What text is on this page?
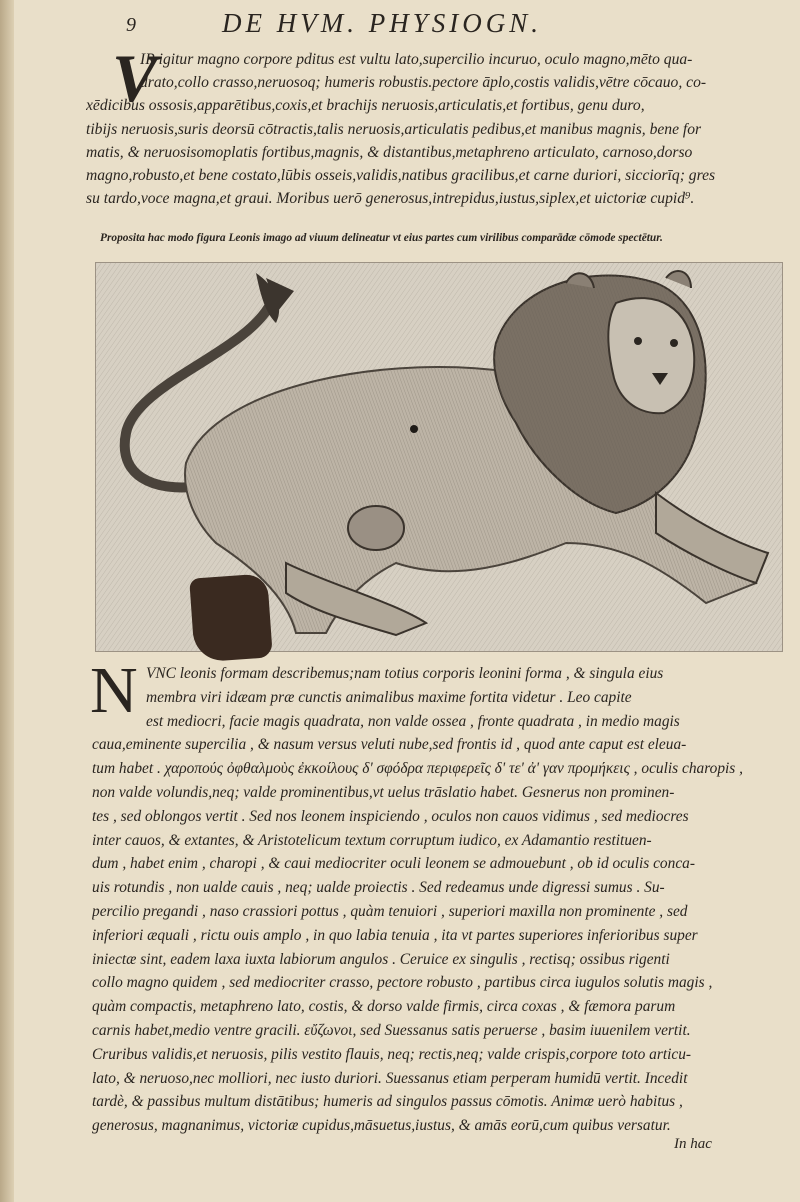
9	DE HVM. PHYSIOGN.
V
IR igitur magno corpore pditus est vultu lato,supercilio incuruo, oculo magno,mēto qua-
drato,collo crasso,neruosoq; humeris robustis.pectore āplo,costis validis,vētre cōcauo, co-
xēdicibus ossosis,apparētibus,coxis,et brachijs neruosis,articulatis,et fortibus, genu duro,
tibijs neruosis,suris deorsū cōtractis,talis neruosis,articulatis pedibus,et manibus magnis, bene for
matis, & neruosisomoplatis fortibus,magnis, & distantibus,metaphreno articulato, carnoso,dorso
magno,robusto,et bene costato,lūbis osseis,validis,natibus gracilibus,et carne duriori, sicciorīq; gres
su tardo,voce magna,et graui. Moribus uerō generosus,intrepidus,iustus,siplex,et uictoriæ cupid⁹.
Proposita hac modo figura Leonis imago ad viuum delineatur vt eius partes cum virilibus comparādæ cōmode spectētur.
N VNC leonis formam describemus;nam totius corporis leonini forma , & singula eius
membra viri idæam præ cunctis animalibus maxime fortita videtur . Leo capite
est mediocri, facie magis quadrata, non valde ossea , fronte quadrata , in medio magis
caua,eminente supercilia , & nasum versus veluti nube,sed frontis id , quod ante caput est eleua-
tum habet . χαροπούς ὀφθαλμοὺς ἐκκοίλους δ' σφόδρα περιφερεῖς δ' τε' ἀ' γαν προμήκεις , oculis charopis ,
non valde volundis,neq; valde prominentibus,vt uelus trāslatio habet. Gesnerus non prominen-
tes , sed oblongos vertit . Sed nos leonem inspiciendo , oculos non cauos vidimus , sed mediocres
inter cauos, & extantes, & Aristotelicum textum corruptum iudico, ex Adamantio restituen-
dum , habet enim , charopi , & caui mediocriter oculi leonem se admouebunt , ob id oculis conca-
uis rotundis , non ualde cauis , neq; ualde proiectis . Sed redeamus unde digressi sumus . Su-
percilio pregandi , naso crassiori pottus , quàm tenuiori , superiori maxilla non prominente , sed
inferiori æquali , rictu ouis amplo , in quo labia tenuia , ita vt partes superiores inferioribus super
iniectæ sint, eadem laxa iuxta labiorum angulos . Ceruice ex singulis , rectisq; ossibus rigenti
collo magno quidem , sed mediocriter crasso, pectore robusto , partibus circa iugulos solutis magis ,
quàm compactis, metaphreno lato, costis, & dorso valde firmis, circa coxas , & fæmora parum
carnis habet,medio ventre gracili. εὔζωνοι, sed Suessanus satis peruerse , basim iuuenilem vertit.
Cruribus validis,et neruosis, pilis vestito flauis, neq; rectis,neq; valde crispis,corpore toto articu-
lato, & neruoso,nec molliori, nec iusto duriori. Suessanus etiam perperam humidū vertit. Incedit
tardè, & passibus multum distātibus; humeris ad singulos passus cōmotis. Animæ uerò habitus ,
generosus, magnanimus, victoriæ cupidus,māsuetus,iustus, & amās eorū,cum quibus versatur.
In hac
